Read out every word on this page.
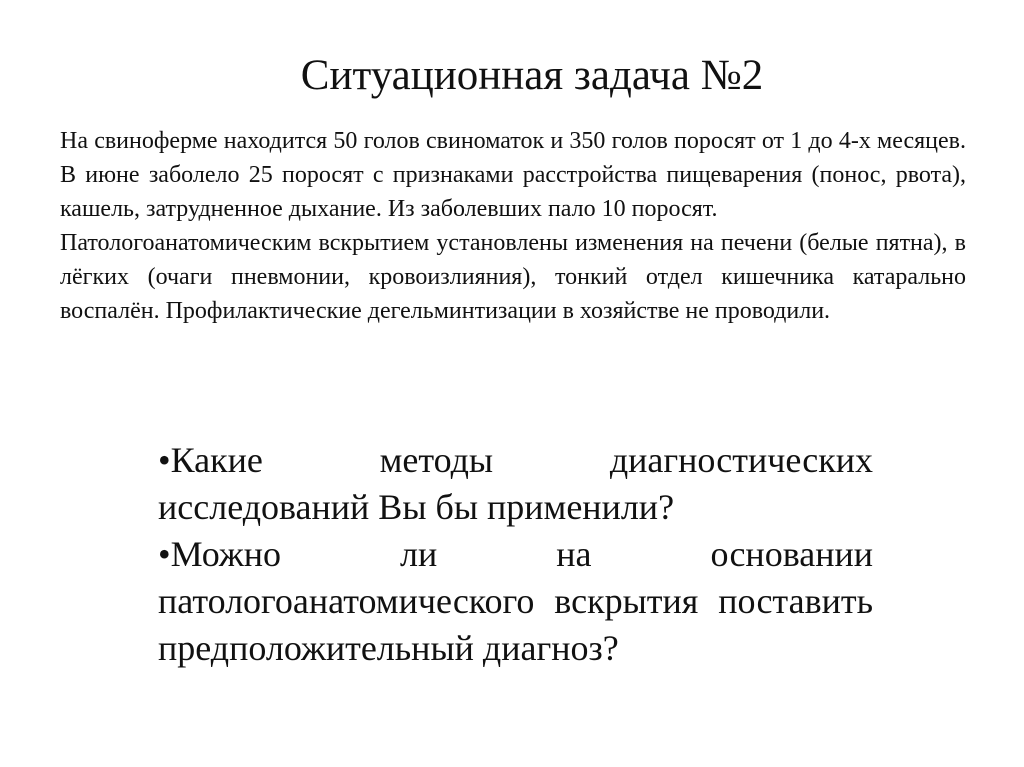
Ситуационная задача №2

На свиноферме находится 50 голов свиноматок и 350 голов поросят от 1 до 4-х месяцев. В июне заболело 25 поросят с признаками расстройства пищеварения (понос, рвота), кашель, затрудненное дыхание. Из заболевших пало 10 поросят.

Патологоанатомическим вскрытием установлены изменения на печени (белые пятна), в лёгких (очаги пневмонии, кровоизлияния), тонкий отдел кишечника катарально воспалён. Профилактические дегельминтизации в хозяйстве не проводили.

•Какие методы диагностических исследований Вы бы применили?

•Можно ли на основании патологоанатомического вскрытия поставить предположительный диагноз?
